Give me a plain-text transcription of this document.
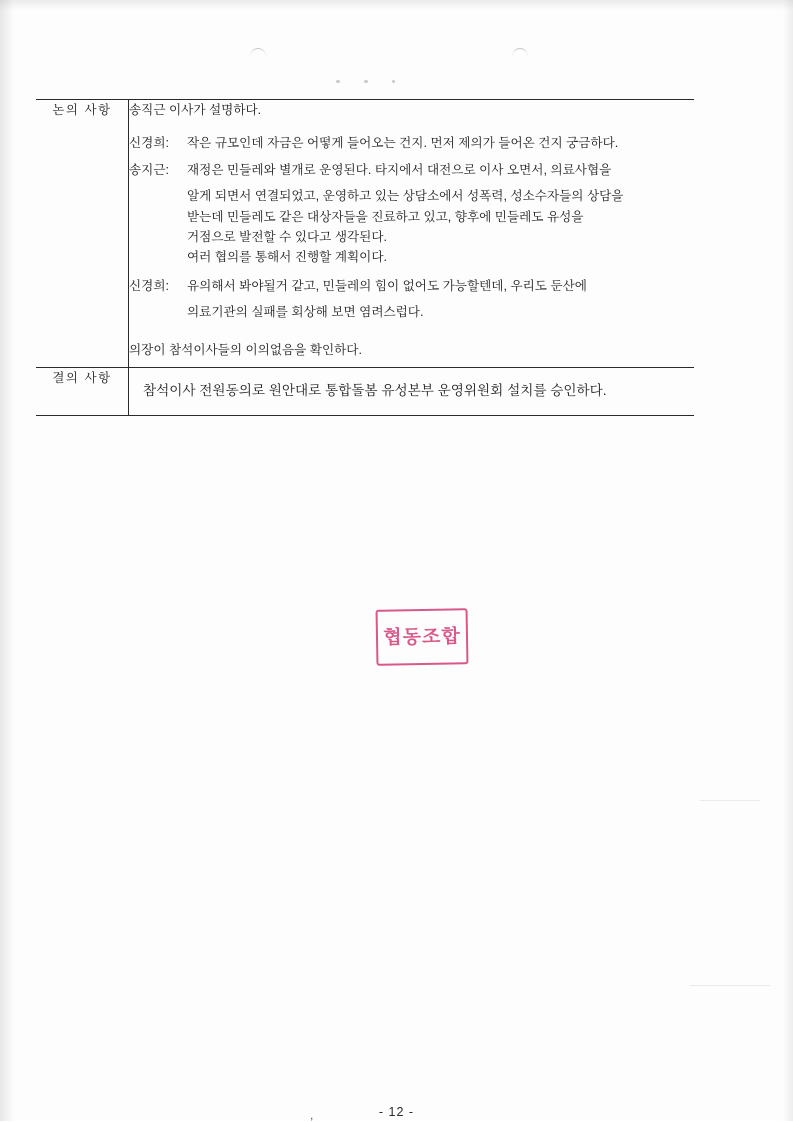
논의 사항	송직근 이사가 설명하다.

신경희: 작은 규모인데 자금은 어떻게 들어오는 건지. 먼저 제의가 들어온 건지 궁금하다.

송지근: 재정은 민들레와 별개로 운영된다. 타지에서 대전으로 이사 오면서, 의료사협을

알게 되면서 연결되었고, 운영하고 있는 상담소에서 성폭력, 성소수자들의 상담을

받는데 민들레도 같은 대상자들을 진료하고 있고, 향후에 민들레도 유성을

거점으로 발전할 수 있다고 생각된다.

여러 협의를 통해서 진행할 계획이다.

신경희: 유의해서 봐야될거 같고, 민들레의 힘이 없어도 가능할텐데, 우리도 둔산에

의료기관의 실패를 회상해 보면 염려스럽다.

의장이 참석이사들의 이의없음을 확인하다.

결의 사항	참석이사 전원동의로 원안대로 통합돌봄 유성본부 운영위원회 설치를 승인하다.
협동조합
,	- 12 -
